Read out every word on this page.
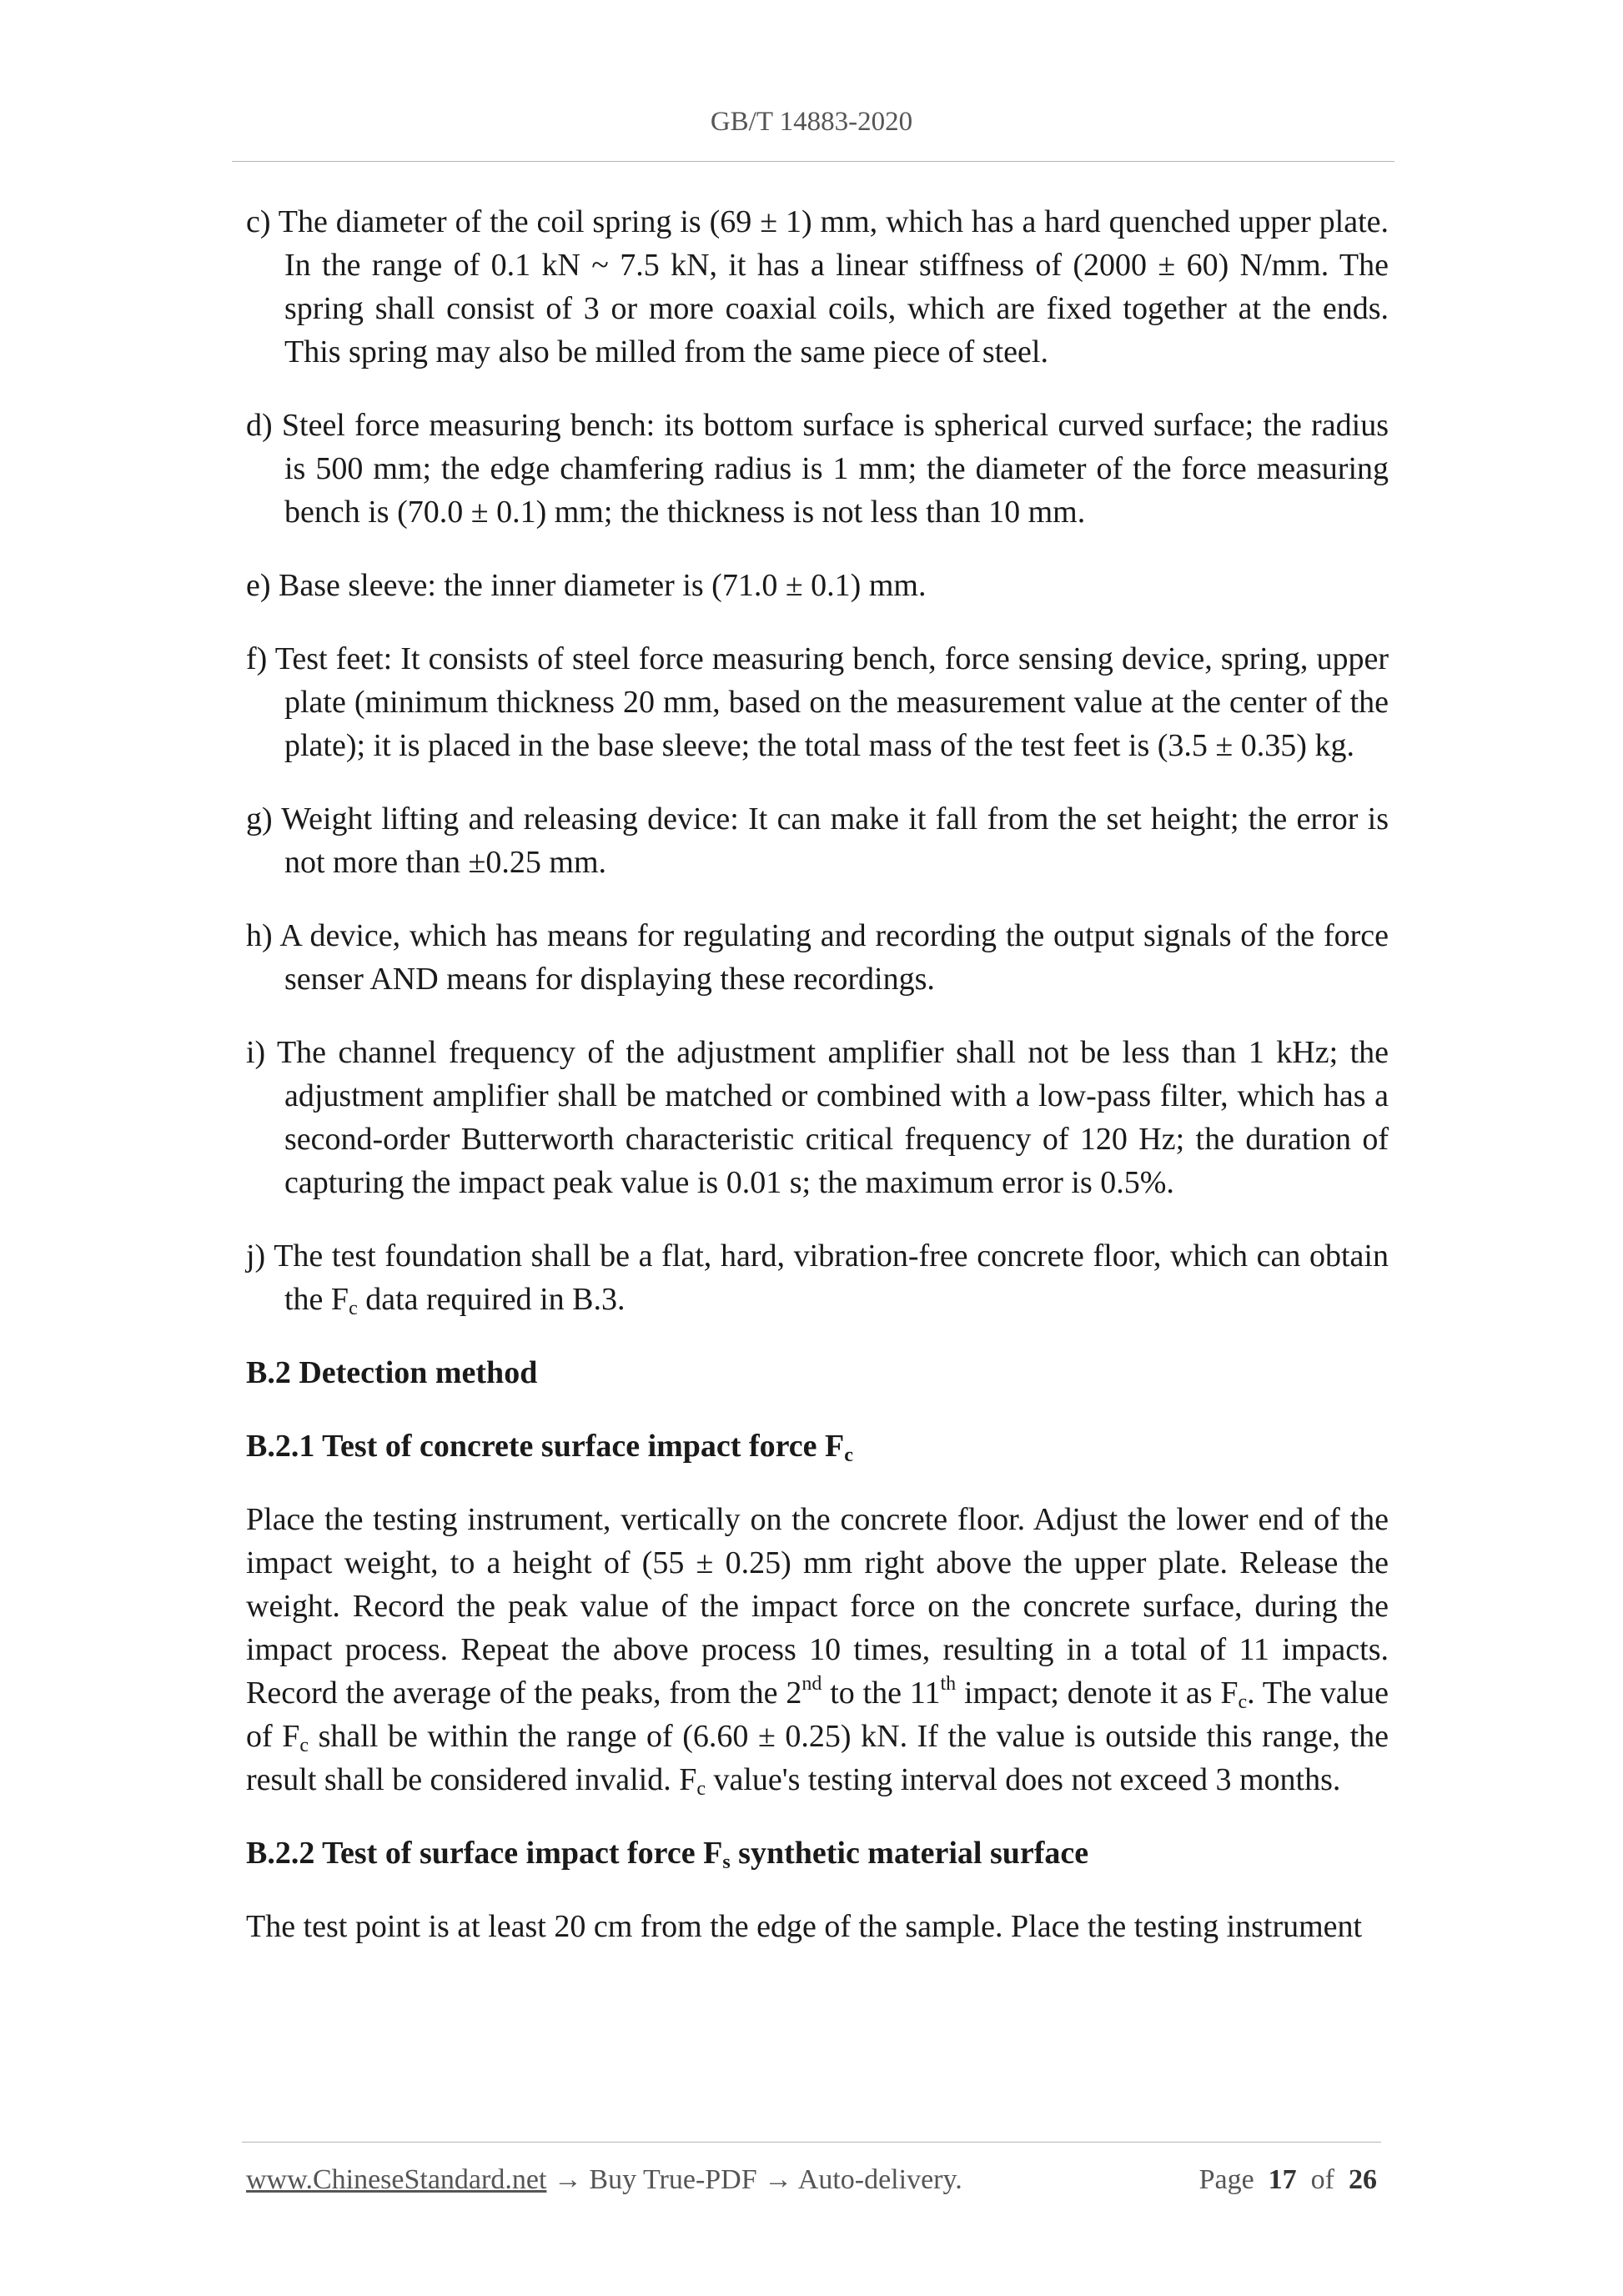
GB/T 14883-2020

c) The diameter of the coil spring is (69 ± 1) mm, which has a hard quenched upper plate. In the range of 0.1 kN ~ 7.5 kN, it has a linear stiffness of (2000 ± 60) N/mm. The spring shall consist of 3 or more coaxial coils, which are fixed together at the ends. This spring may also be milled from the same piece of steel.

d) Steel force measuring bench: its bottom surface is spherical curved surface; the radius is 500 mm; the edge chamfering radius is 1 mm; the diameter of the force measuring bench is (70.0 ± 0.1) mm; the thickness is not less than 10 mm.

e) Base sleeve: the inner diameter is (71.0 ± 0.1) mm.

f) Test feet: It consists of steel force measuring bench, force sensing device, spring, upper plate (minimum thickness 20 mm, based on the measurement value at the center of the plate); it is placed in the base sleeve; the total mass of the test feet is (3.5 ± 0.35) kg.

g) Weight lifting and releasing device: It can make it fall from the set height; the error is not more than ±0.25 mm.

h) A device, which has means for regulating and recording the output signals of the force senser AND means for displaying these recordings.

i) The channel frequency of the adjustment amplifier shall not be less than 1 kHz; the adjustment amplifier shall be matched or combined with a low-pass filter, which has a second-order Butterworth characteristic critical frequency of 120 Hz; the duration of capturing the impact peak value is 0.01 s; the maximum error is 0.5%.

j) The test foundation shall be a flat, hard, vibration-free concrete floor, which can obtain the $F_c$ data required in B.3.

B.2 Detection method

B.2.1 Test of concrete surface impact force $F_c$

Place the testing instrument, vertically on the concrete floor. Adjust the lower end of the impact weight, to a height of (55 ± 0.25) mm right above the upper plate. Release the weight. Record the peak value of the impact force on the concrete surface, during the impact process. Repeat the above process 10 times, resulting in a total of 11 impacts. Record the average of the peaks, from the 2nd to the 11th impact; denote it as $F_c$. The value of $F_c$ shall be within the range of (6.60 ± 0.25) kN. If the value is outside this range, the result shall be considered invalid. $F_c$ value's testing interval does not exceed 3 months.

B.2.2 Test of surface impact force $F_s$ synthetic material surface

The test point is at least 20 cm from the edge of the sample. Place the testing instrument

www.ChineseStandard.net → Buy True-PDF → Auto-delivery.	Page 17 of 26
